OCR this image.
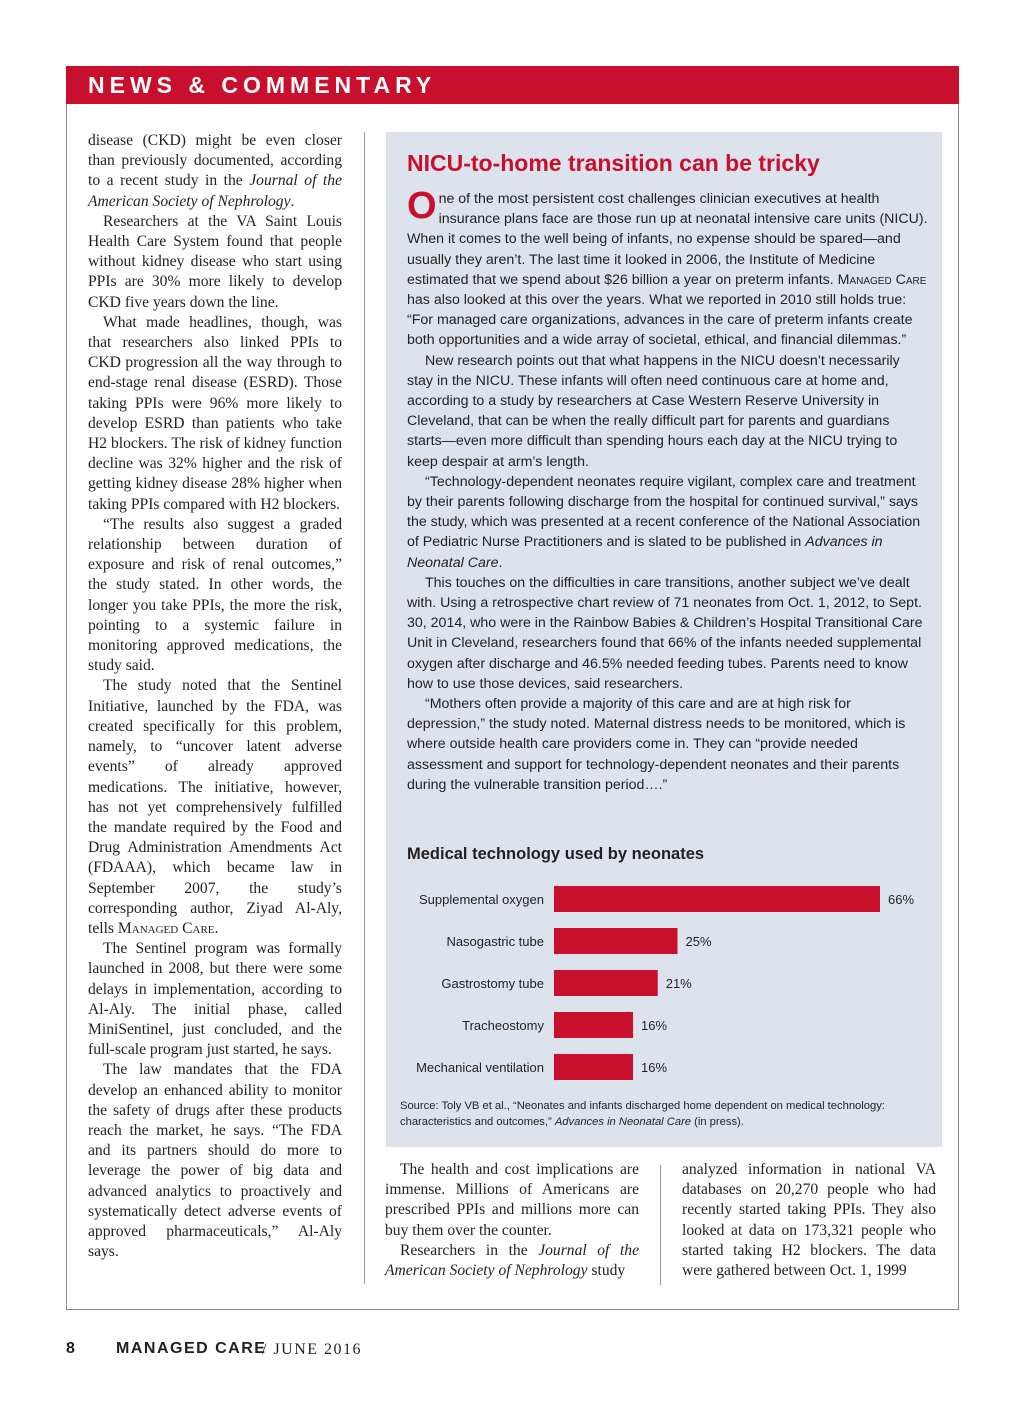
NEWS & COMMENTARY

disease (CKD) might be even closer than previously documented, according to a recent study in the Journal of the American Society of Nephrology.

Researchers at the VA Saint Louis Health Care System found that people without kidney disease who start using PPIs are 30% more likely to develop CKD five years down the line.

What made headlines, though, was that researchers also linked PPIs to CKD progression all the way through to end-stage renal disease (ESRD). Those taking PPIs were 96% more likely to develop ESRD than patients who take H2 blockers. The risk of kidney function decline was 32% higher and the risk of getting kidney disease 28% higher when taking PPIs compared with H2 blockers.

“The results also suggest a graded relationship between duration of exposure and risk of renal outcomes,” the study stated. In other words, the longer you take PPIs, the more the risk, pointing to a systemic failure in monitoring approved medications, the study said.

The study noted that the Sentinel Initiative, launched by the FDA, was created specifically for this problem, namely, to “uncover latent adverse events” of already approved medications. The initiative, however, has not yet comprehensively fulfilled the mandate required by the Food and Drug Administration Amendments Act (FDAAA), which became law in September 2007, the study’s corresponding author, Ziyad Al-Aly, tells Managed Care.

The Sentinel program was formally launched in 2008, but there were some delays in implementation, according to Al-Aly. The initial phase, called MiniSentinel, just concluded, and the full-scale program just started, he says.

The law mandates that the FDA develop an enhanced ability to monitor the safety of drugs after these products reach the market, he says. “The FDA and its partners should do more to leverage the power of big data and advanced analytics to proactively and systematically detect adverse events of approved pharmaceuticals,” Al-Aly says.

NICU-to-home transition can be tricky

One of the most persistent cost challenges clinician executives at health insurance plans face are those run up at neonatal intensive care units (NICU). When it comes to the well being of infants, no expense should be spared—and usually they aren’t. The last time it looked in 2006, the Institute of Medicine estimated that we spend about $26 billion a year on preterm infants. Managed Care has also looked at this over the years. What we reported in 2010 still holds true: “For managed care organizations, advances in the care of preterm infants create both opportunities and a wide array of societal, ethical, and financial dilemmas.”

New research points out that what happens in the NICU doesn’t necessarily stay in the NICU. These infants will often need continuous care at home and, according to a study by researchers at Case Western Reserve University in Cleveland, that can be when the really difficult part for parents and guardians starts—even more difficult than spending hours each day at the NICU trying to keep despair at arm’s length.

“Technology-dependent neonates require vigilant, complex care and treatment by their parents following discharge from the hospital for continued survival,” says the study, which was presented at a recent conference of the National Association of Pediatric Nurse Practitioners and is slated to be published in Advances in Neonatal Care.

This touches on the difficulties in care transitions, another subject we’ve dealt with. Using a retrospective chart review of 71 neonates from Oct. 1, 2012, to Sept. 30, 2014, who were in the Rainbow Babies & Children’s Hospital Transitional Care Unit in Cleveland, researchers found that 66% of the infants needed supplemental oxygen after discharge and 46.5% needed feeding tubes. Parents need to know how to use those devices, said researchers.

“Mothers often provide a majority of this care and are at high risk for depression,” the study noted. Maternal distress needs to be monitored, which is where outside health care providers come in. They can “provide needed assessment and support for technology-dependent neonates and their parents during the vulnerable transition period….”

Medical technology used by neonates
Supplemental oxygen	66%
Nasogastric tube	25%
Gastrostomy tube	21%
Tracheostomy	16%
Mechanical ventilation	16%
Source: Toly VB et al., “Neonates and infants discharged home dependent on medical technology: characteristics and outcomes,” Advances in Neonatal Care (in press).

The health and cost implications are immense. Millions of Americans are prescribed PPIs and millions more can buy them over the counter.

Researchers in the Journal of the American Society of Nephrology study

analyzed information in national VA databases on 20,270 people who had recently started taking PPIs. They also looked at data on 173,321 people who started taking H2 blockers. The data were gathered between Oct. 1, 1999

8	MANAGED CARE
/ JUNE 2016
